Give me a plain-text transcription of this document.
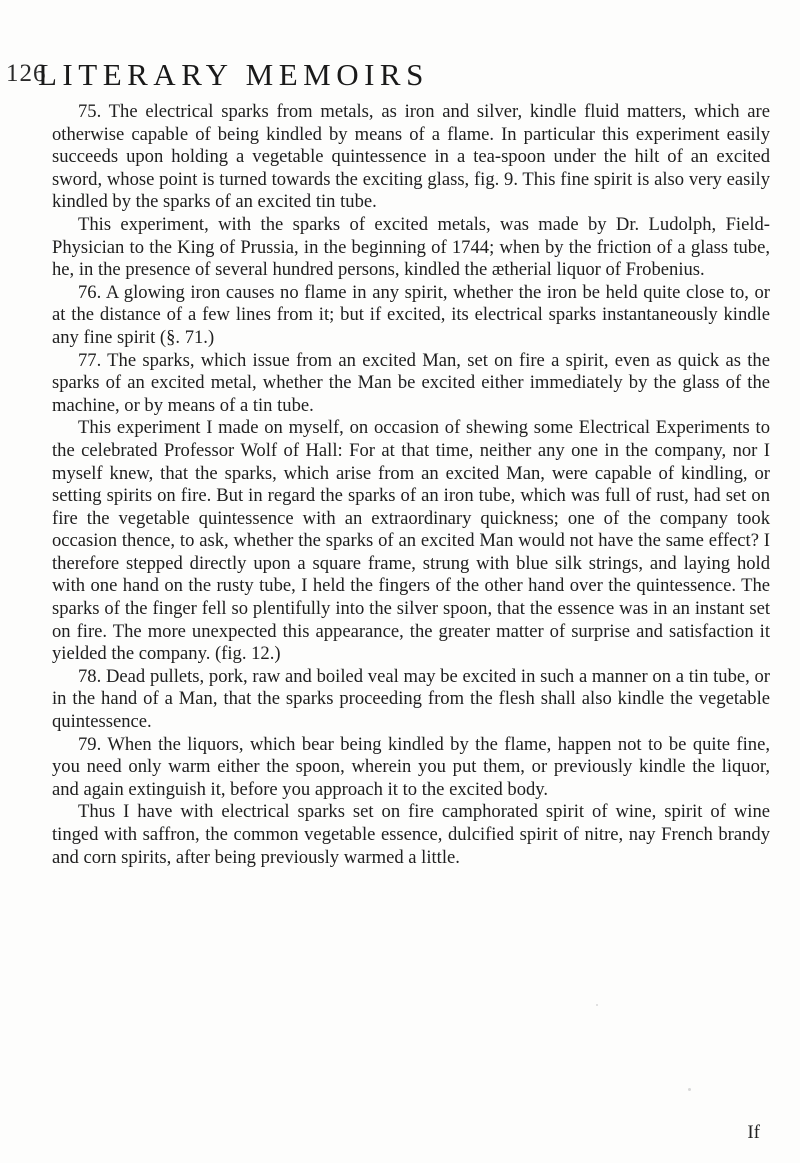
126
LITERARY MEMOIRS

75. The electrical sparks from metals, as iron and silver, kindle fluid matters, which are otherwise capable of being kindled by means of a flame. In particular this experiment easily succeeds upon holding a vegetable quintessence in a tea-spoon under the hilt of an excited sword, whose point is turned towards the exciting glass, fig. 9. This fine spirit is also very easily kindled by the sparks of an excited tin tube.

This experiment, with the sparks of excited metals, was made by Dr. Ludolph, Field-Physician to the King of Prussia, in the beginning of 1744; when by the friction of a glass tube, he, in the presence of several hundred persons, kindled the ætherial liquor of Frobenius.

76. A glowing iron causes no flame in any spirit, whether the iron be held quite close to, or at the distance of a few lines from it; but if excited, its electrical sparks instantaneously kindle any fine spirit (§. 71.)

77. The sparks, which issue from an excited Man, set on fire a spirit, even as quick as the sparks of an excited metal, whether the Man be excited either immediately by the glass of the machine, or by means of a tin tube.

This experiment I made on myself, on occasion of shewing some Electrical Experiments to the celebrated Professor Wolf of Hall: For at that time, neither any one in the company, nor I myself knew, that the sparks, which arise from an excited Man, were capable of kindling, or setting spirits on fire. But in regard the sparks of an iron tube, which was full of rust, had set on fire the vegetable quintessence with an extraordinary quickness; one of the company took occasion thence, to ask, whether the sparks of an excited Man would not have the same effect? I therefore stepped directly upon a square frame, strung with blue silk strings, and laying hold with one hand on the rusty tube, I held the fingers of the other hand over the quintessence. The sparks of the finger fell so plentifully into the silver spoon, that the essence was in an instant set on fire. The more unexpected this appearance, the greater matter of surprise and satisfaction it yielded the company. (fig. 12.)

78. Dead pullets, pork, raw and boiled veal may be excited in such a manner on a tin tube, or in the hand of a Man, that the sparks proceeding from the flesh shall also kindle the vegetable quintessence.

79. When the liquors, which bear being kindled by the flame, happen not to be quite fine, you need only warm either the spoon, wherein you put them, or previously kindle the liquor, and again extinguish it, before you approach it to the excited body.

Thus I have with electrical sparks set on fire camphorated spirit of wine, spirit of wine tinged with saffron, the common vegetable essence, dulcified spirit of nitre, nay French brandy and corn spirits, after being previously warmed a little.

If
